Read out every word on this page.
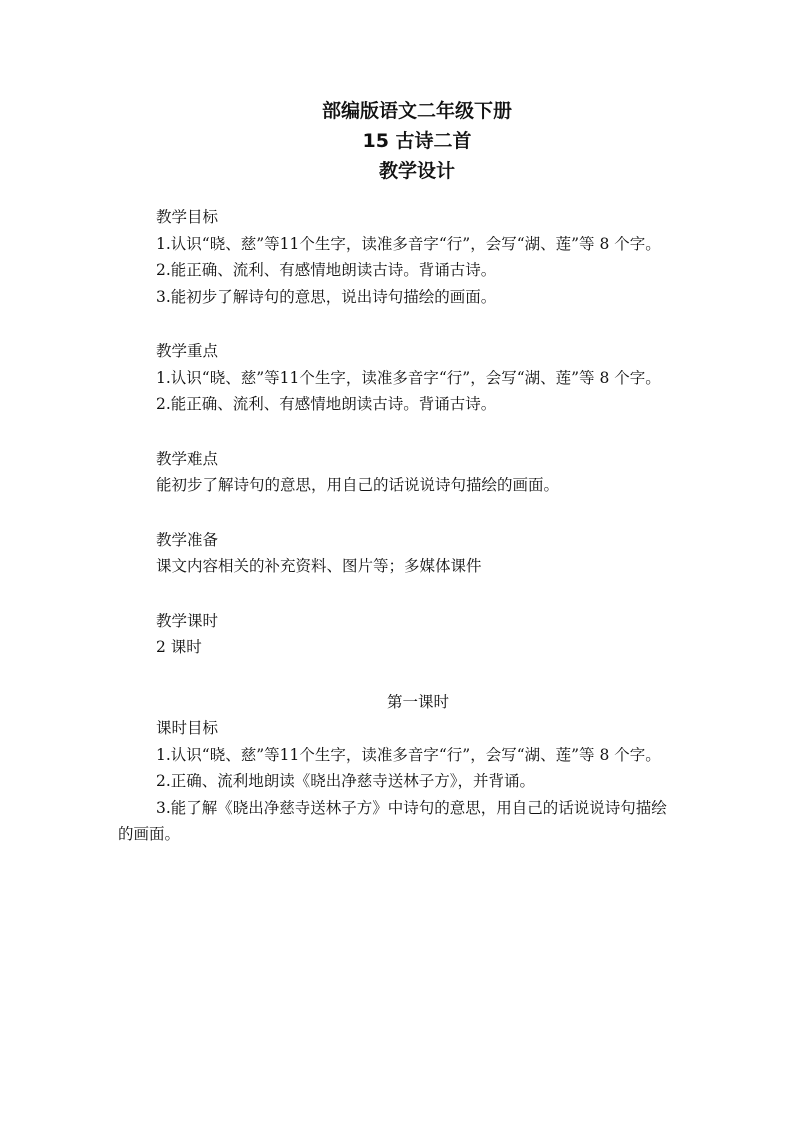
部编版语文二年级下册
15 古诗二首
教学设计
教学目标
1.认识“晓、慈”等11个生字，读准多音字“行”，会写“湖、莲”等 8 个字。
2.能正确、流利、有感情地朗读古诗。背诵古诗。
3.能初步了解诗句的意思，说出诗句描绘的画面。
教学重点
1.认识“晓、慈”等11个生字，读准多音字“行”，会写“湖、莲”等 8 个字。
2.能正确、流利、有感情地朗读古诗。背诵古诗。
教学难点
能初步了解诗句的意思，用自己的话说说诗句描绘的画面。
教学准备
课文内容相关的补充资料、图片等；多媒体课件
教学课时
2 课时
第一课时
课时目标
1.认识“晓、慈”等11个生字，读准多音字“行”，会写“湖、莲”等 8 个字。
2.正确、流利地朗读《晓出净慈寺送林子方》，并背诵。
3.能了解《晓出净慈寺送林子方》中诗句的意思，用自己的话说说诗句描绘的画面。
